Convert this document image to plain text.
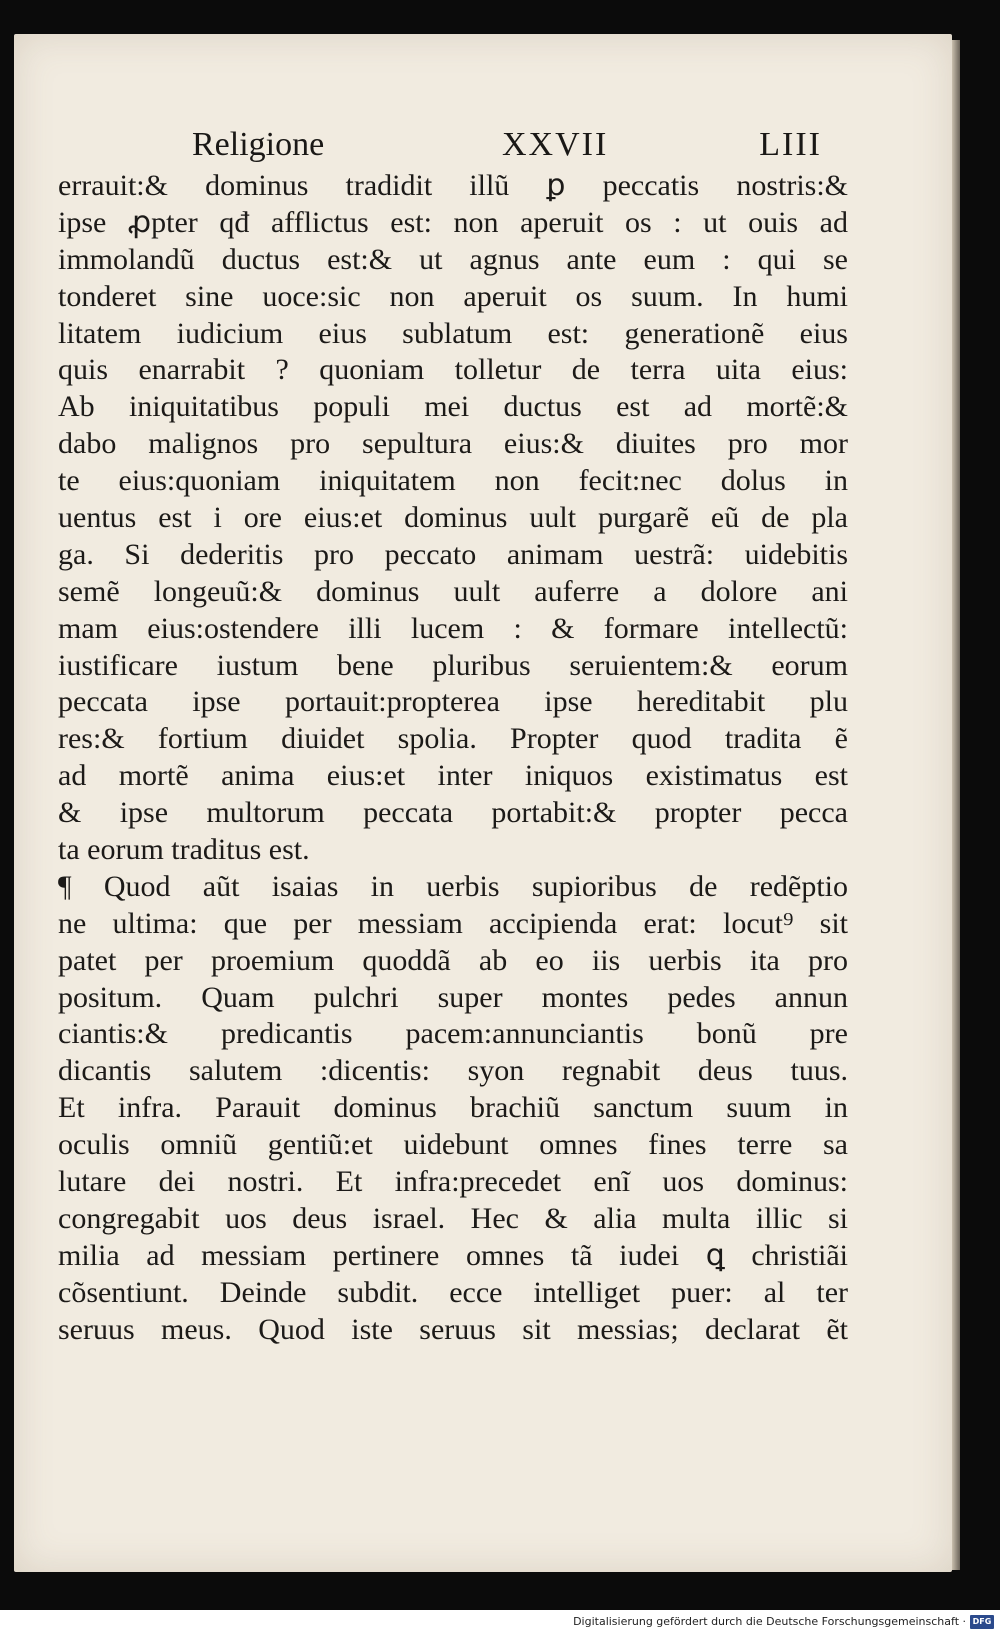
Religione	XXVII	LIII
errauit:& dominus tradidit illũ ꝑ peccatis nostris:&
ipse ꝓpter qđ afflictus est: non aperuit os : ut ouis ad
immolandũ ductus est:& ut agnus ante eum : qui se
tonderet sine uoce:sic non aperuit os suum. In humi
litatem iudicium eius sublatum est: generationẽ eius
quis enarrabit ? quoniam tolletur de terra uita eius:
Ab iniquitatibus populi mei ductus est ad mortẽ:&
dabo malignos pro sepultura eius:& diuites pro mor
te eius:quoniam iniquitatem non fecit:nec dolus in
uentus est i ore eius:et dominus uult purgarẽ eũ de pla
ga. Si dederitis pro peccato animam uestrã: uidebitis
semẽ longeuũ:& dominus uult auferre a dolore ani
mam eius:ostendere illi lucem : & formare intellectũ:
iustificare iustum bene pluribus seruientem:& eorum
peccata ipse portauit:propterea ipse hereditabit plu
res:& fortium diuidet spolia. Propter quod tradita ẽ
ad mortẽ anima eius:et inter iniquos existimatus est
& ipse multorum peccata portabit:& propter pecca
ta eorum traditus est.
¶ Quod aũt isaias in uerbis supioribus de redẽptio
ne ultima: que per messiam accipienda erat: locut⁹ sit
patet per proemium quoddã ab eo iis uerbis ita pro
positum. Quam pulchri super montes pedes annun
ciantis:& predicantis pacem:annunciantis bonũ pre
dicantis salutem :dicentis: syon regnabit deus tuus.
Et infra. Parauit dominus brachiũ sanctum suum in
oculis omniũ gentiũ:et uidebunt omnes fines terre sa
lutare dei nostri. Et infra:precedet enĩ uos dominus:
congregabit uos deus israel. Hec & alia multa illic si
milia ad messiam pertinere omnes tã iudei ꝗ christiãi
cõsentiunt. Deinde subdit. ecce intelliget puer: al ter
seruus meus. Quod iste seruus sit messias; declarat ẽt
Digitalisierung gefördert durch die Deutsche Forschungsgemeinschaft · DFG
